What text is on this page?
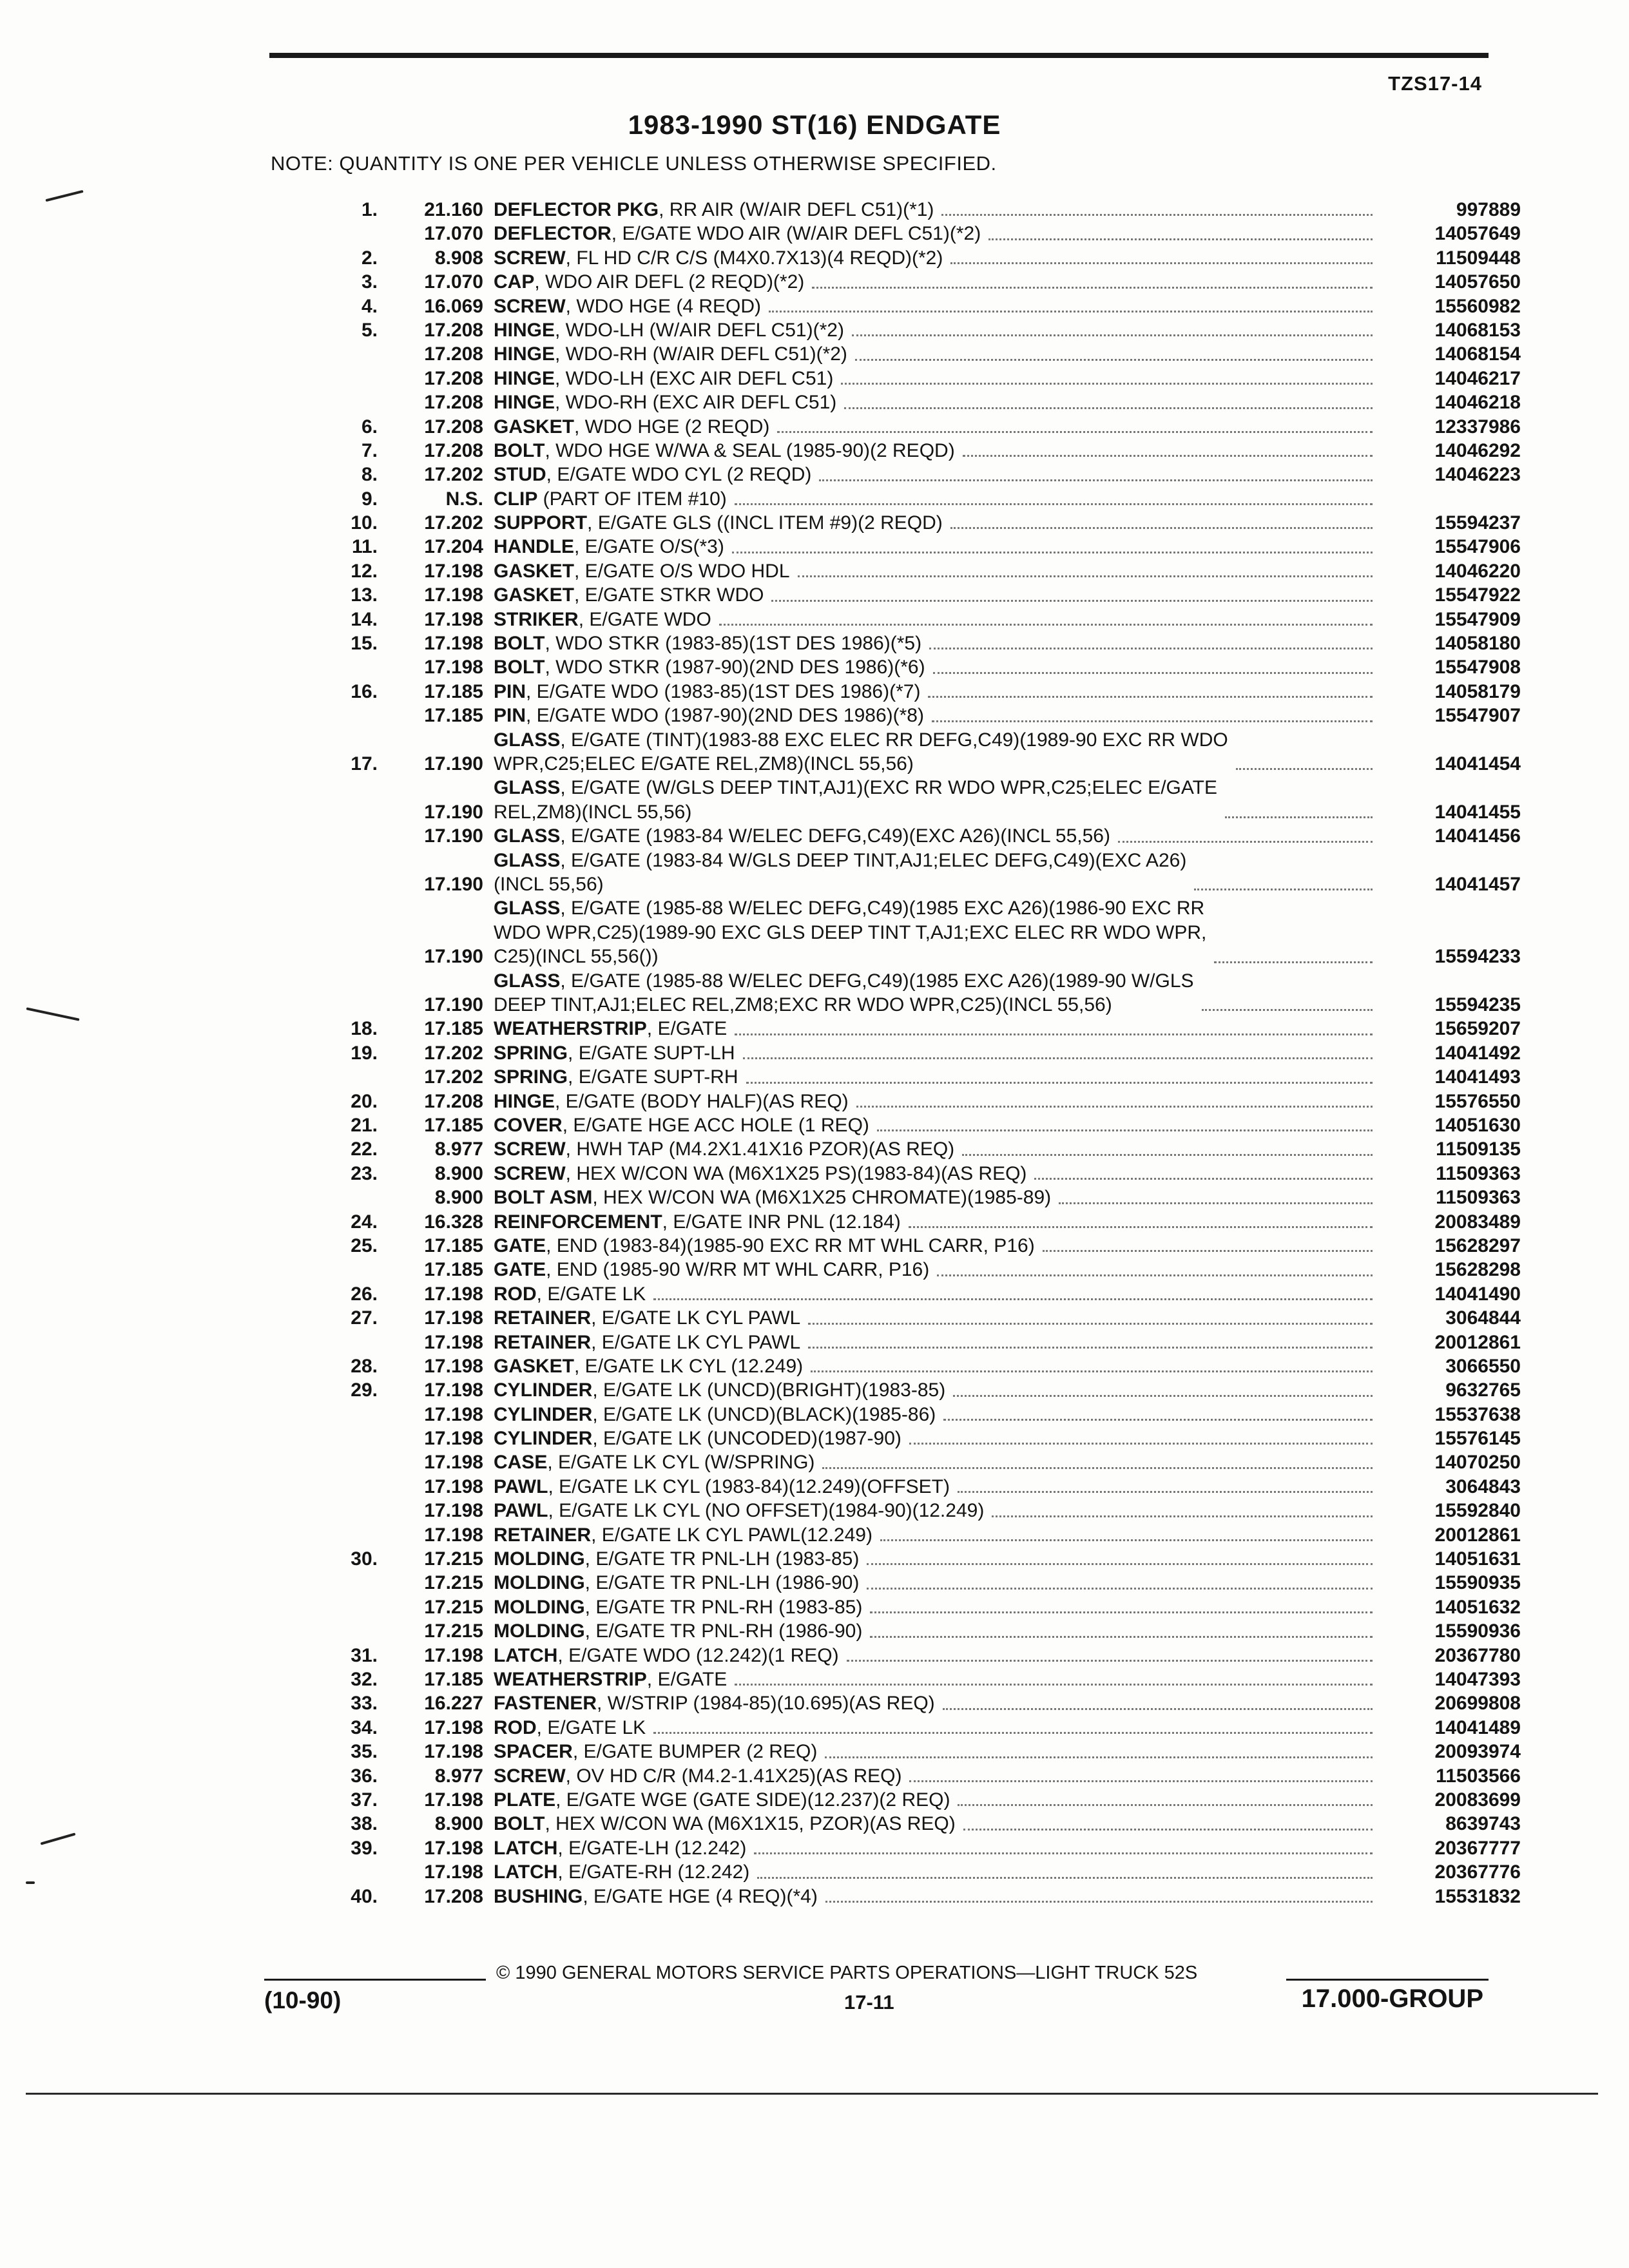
TZS17-14
1983-1990 ST(16) ENDGATE
NOTE: QUANTITY IS ONE PER VEHICLE UNLESS OTHERWISE SPECIFIED.
1.	21.160 DEFLECTOR PKG, RR AIR (W/AIR DEFL C51)(*1)	997889
17.070 DEFLECTOR, E/GATE WDO AIR (W/AIR DEFL C51)(*2)	14057649
2.	8.908 SCREW, FL HD C/R C/S (M4X0.7X13)(4 REQD)(*2)	11509448
3.	17.070 CAP, WDO AIR DEFL (2 REQD)(*2)	14057650
4.	16.069 SCREW, WDO HGE (4 REQD)	15560982
5.	17.208 HINGE, WDO-LH (W/AIR DEFL C51)(*2)	14068153
17.208 HINGE, WDO-RH (W/AIR DEFL C51)(*2)	14068154
17.208 HINGE, WDO-LH (EXC AIR DEFL C51)	14046217
17.208 HINGE, WDO-RH (EXC AIR DEFL C51)	14046218
6.	17.208 GASKET, WDO HGE (2 REQD)	12337986
7.	17.208 BOLT, WDO HGE W/WA & SEAL (1985-90)(2 REQD)	14046292
8.	17.202 STUD, E/GATE WDO CYL (2 REQD)	14046223
9.	N.S. CLIP (PART OF ITEM #10)
10.	17.202 SUPPORT, E/GATE GLS ((INCL ITEM #9)(2 REQD)	15594237
11.	17.204 HANDLE, E/GATE O/S(*3)	15547906
12.	17.198 GASKET, E/GATE O/S WDO HDL	14046220
13.	17.198 GASKET, E/GATE STKR WDO	15547922
14.	17.198 STRIKER, E/GATE WDO	15547909
15.	17.198 BOLT, WDO STKR (1983-85)(1ST DES 1986)(*5)	14058180
17.198 BOLT, WDO STKR (1987-90)(2ND DES 1986)(*6)	15547908
16.	17.185 PIN, E/GATE WDO (1983-85)(1ST DES 1986)(*7)	14058179
17.185 PIN, E/GATE WDO (1987-90)(2ND DES 1986)(*8)	15547907
17.	17.190
GLASS, E/GATE (TINT)(1983-88 EXC ELEC RR DEFG,C49)(1989-90 EXC RR WDO
WPR,C25;ELEC E/GATE REL,ZM8)(INCL 55,56)	14041454
17.190
GLASS, E/GATE (W/GLS DEEP TINT,AJ1)(EXC RR WDO WPR,C25;ELEC E/GATE
REL,ZM8)(INCL 55,56)	14041455
17.190 GLASS, E/GATE (1983-84 W/ELEC DEFG,C49)(EXC A26)(INCL 55,56)	14041456
17.190
GLASS, E/GATE (1983-84 W/GLS DEEP TINT,AJ1;ELEC DEFG,C49)(EXC A26)
(INCL 55,56)	14041457
17.190
GLASS, E/GATE (1985-88 W/ELEC DEFG,C49)(1985 EXC A26)(1986-90 EXC RR
WDO WPR,C25)(1989-90 EXC GLS DEEP TINT T,AJ1;EXC ELEC RR WDO WPR,
C25)(INCL 55,56())	15594233
17.190
GLASS, E/GATE (1985-88 W/ELEC DEFG,C49)(1985 EXC A26)(1989-90 W/GLS
DEEP TINT,AJ1;ELEC REL,ZM8;EXC RR WDO WPR,C25)(INCL 55,56)	15594235
18.	17.185 WEATHERSTRIP, E/GATE	15659207
19.	17.202 SPRING, E/GATE SUPT-LH	14041492
17.202 SPRING, E/GATE SUPT-RH	14041493
20.	17.208 HINGE, E/GATE (BODY HALF)(AS REQ)	15576550
21.	17.185 COVER, E/GATE HGE ACC HOLE (1 REQ)	14051630
22.	8.977 SCREW, HWH TAP (M4.2X1.41X16 PZOR)(AS REQ)	11509135
23.	8.900 SCREW, HEX W/CON WA (M6X1X25 PS)(1983-84)(AS REQ)	11509363
8.900 BOLT ASM, HEX W/CON WA (M6X1X25 CHROMATE)(1985-89)	11509363
24.	16.328 REINFORCEMENT, E/GATE INR PNL (12.184)	20083489
25.	17.185 GATE, END (1983-84)(1985-90 EXC RR MT WHL CARR, P16)	15628297
17.185 GATE, END (1985-90 W/RR MT WHL CARR, P16)	15628298
26.	17.198 ROD, E/GATE LK	14041490
27.	17.198 RETAINER, E/GATE LK CYL PAWL	3064844
17.198 RETAINER, E/GATE LK CYL PAWL	20012861
28.	17.198 GASKET, E/GATE LK CYL (12.249)	3066550
29.	17.198 CYLINDER, E/GATE LK (UNCD)(BRIGHT)(1983-85)	9632765
17.198 CYLINDER, E/GATE LK (UNCD)(BLACK)(1985-86)	15537638
17.198 CYLINDER, E/GATE LK (UNCODED)(1987-90)	15576145
17.198 CASE, E/GATE LK CYL (W/SPRING)	14070250
17.198 PAWL, E/GATE LK CYL (1983-84)(12.249)(OFFSET)	3064843
17.198 PAWL, E/GATE LK CYL (NO OFFSET)(1984-90)(12.249)	15592840
17.198 RETAINER, E/GATE LK CYL PAWL(12.249)	20012861
30.	17.215 MOLDING, E/GATE TR PNL-LH (1983-85)	14051631
17.215 MOLDING, E/GATE TR PNL-LH (1986-90)	15590935
17.215 MOLDING, E/GATE TR PNL-RH (1983-85)	14051632
17.215 MOLDING, E/GATE TR PNL-RH (1986-90)	15590936
31.	17.198 LATCH, E/GATE WDO (12.242)(1 REQ)	20367780
32.	17.185 WEATHERSTRIP, E/GATE	14047393
33.	16.227 FASTENER, W/STRIP (1984-85)(10.695)(AS REQ)	20699808
34.	17.198 ROD, E/GATE LK	14041489
35.	17.198 SPACER, E/GATE BUMPER (2 REQ)	20093974
36.	8.977 SCREW, OV HD C/R (M4.2-1.41X25)(AS REQ)	11503566
37.	17.198 PLATE, E/GATE WGE (GATE SIDE)(12.237)(2 REQ)	20083699
38.	8.900 BOLT, HEX W/CON WA (M6X1X15, PZOR)(AS REQ)	8639743
39.	17.198 LATCH, E/GATE-LH (12.242)	20367777
17.198 LATCH, E/GATE-RH (12.242)	20367776
40.	17.208 BUSHING, E/GATE HGE (4 REQ)(*4)	15531832
© 1990 GENERAL MOTORS SERVICE PARTS OPERATIONS—LIGHT TRUCK 52S
(10-90)	17-11	17.000-GROUP
